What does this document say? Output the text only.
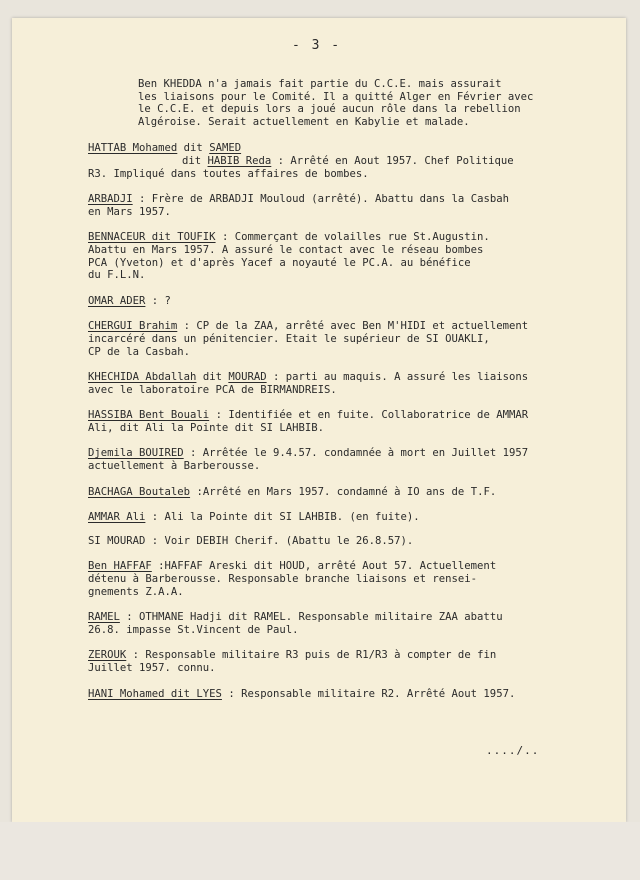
- 3 -
Ben KHEDDA n'a jamais fait partie du C.C.E. mais assurait
les liaisons pour le Comité. Il a quitté Alger en Février avec
le C.C.E. et depuis lors a joué aucun rôle dans la rebellion
Algéroise. Serait actuellement en Kabylie et malade.

HATTAB Mohamed dit SAMED

dit HABIB Reda : Arrêté en Aout 1957. Chef Politique

R3. Impliqué dans toutes affaires de bombes.

ARBADJI : Frère de ARBADJI Mouloud (arrêté). Abattu dans la Casbah

en Mars 1957.

BENNACEUR dit TOUFIK : Commerçant de volailles rue St.Augustin.

Abattu en Mars 1957. A assuré le contact avec le réseau bombes

PCA (Yveton) et d'après Yacef a noyauté le PC.A. au bénéfice

du F.L.N.

OMAR ADER : ?

CHERGUI Brahim : CP de la ZAA, arrêté avec Ben M'HIDI et actuellement

incarcéré dans un pénitencier. Etait le supérieur de SI OUAKLI,

CP de la Casbah.

KHECHIDA Abdallah dit MOURAD : parti au maquis. A assuré les liaisons

avec le laboratoire PCA de BIRMANDREIS.

HASSIBA Bent Bouali : Identifiée et en fuite. Collaboratrice de AMMAR

Ali, dit Ali la Pointe dit SI LAHBIB.

Djemila BOUIRED : Arrêtée le 9.4.57. condamnée à mort en Juillet 1957

actuellement à Barberousse.

BACHAGA Boutaleb :Arrêté en Mars 1957. condamné à IO ans de T.F.

AMMAR Ali : Ali la Pointe dit SI LAHBIB. (en fuite).

SI MOURAD : Voir DEBIH Cherif. (Abattu le 26.8.57).

Ben HAFFAF :HAFFAF Areski dit HOUD, arrêté Aout 57. Actuellement

détenu à Barberousse. Responsable branche liaisons et rensei-

gnements Z.A.A.

RAMEL : OTHMANE Hadji dit RAMEL. Responsable militaire ZAA abattu

26.8. impasse St.Vincent de Paul.

ZEROUK : Responsable militaire R3 puis de R1/R3 à compter de fin

Juillet 1957. connu.

HANI Mohamed dit LYES : Responsable militaire R2. Arrêté Aout 1957.

..../..
